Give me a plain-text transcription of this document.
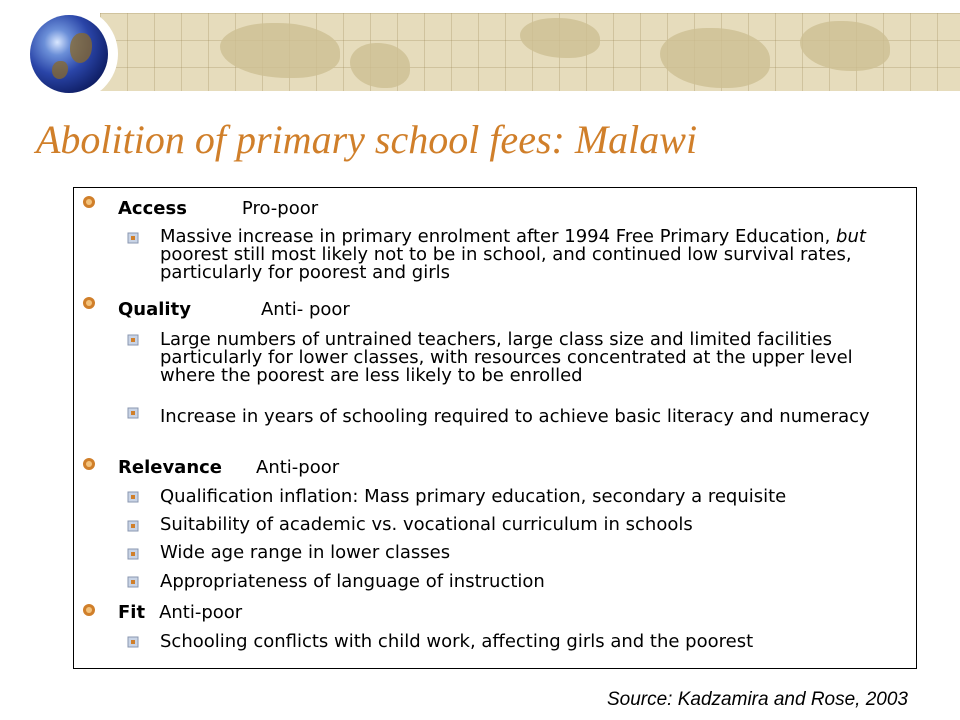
Abolition of primary school fees: Malawi
Access	Pro-poor
Massive increase in primary enrolment after 1994 Free Primary Education, but poorest still most likely not to be in school, and continued low survival rates, particularly for poorest and girls
Quality	Anti- poor
Large numbers of untrained teachers, large class size and limited facilities particularly for lower classes, with resources concentrated at the upper level where the poorest are less likely to be enrolled
Increase in years of schooling required to achieve basic literacy and numeracy
Relevance Anti-poor
Qualification inflation: Mass primary education, secondary a requisite
Suitability of academic vs. vocational curriculum in schools
Wide age range in lower classes
Appropriateness of language of instruction
Fit Anti-poor
Schooling conflicts with child work, affecting girls and the poorest
Source: Kadzamira and Rose, 2003
